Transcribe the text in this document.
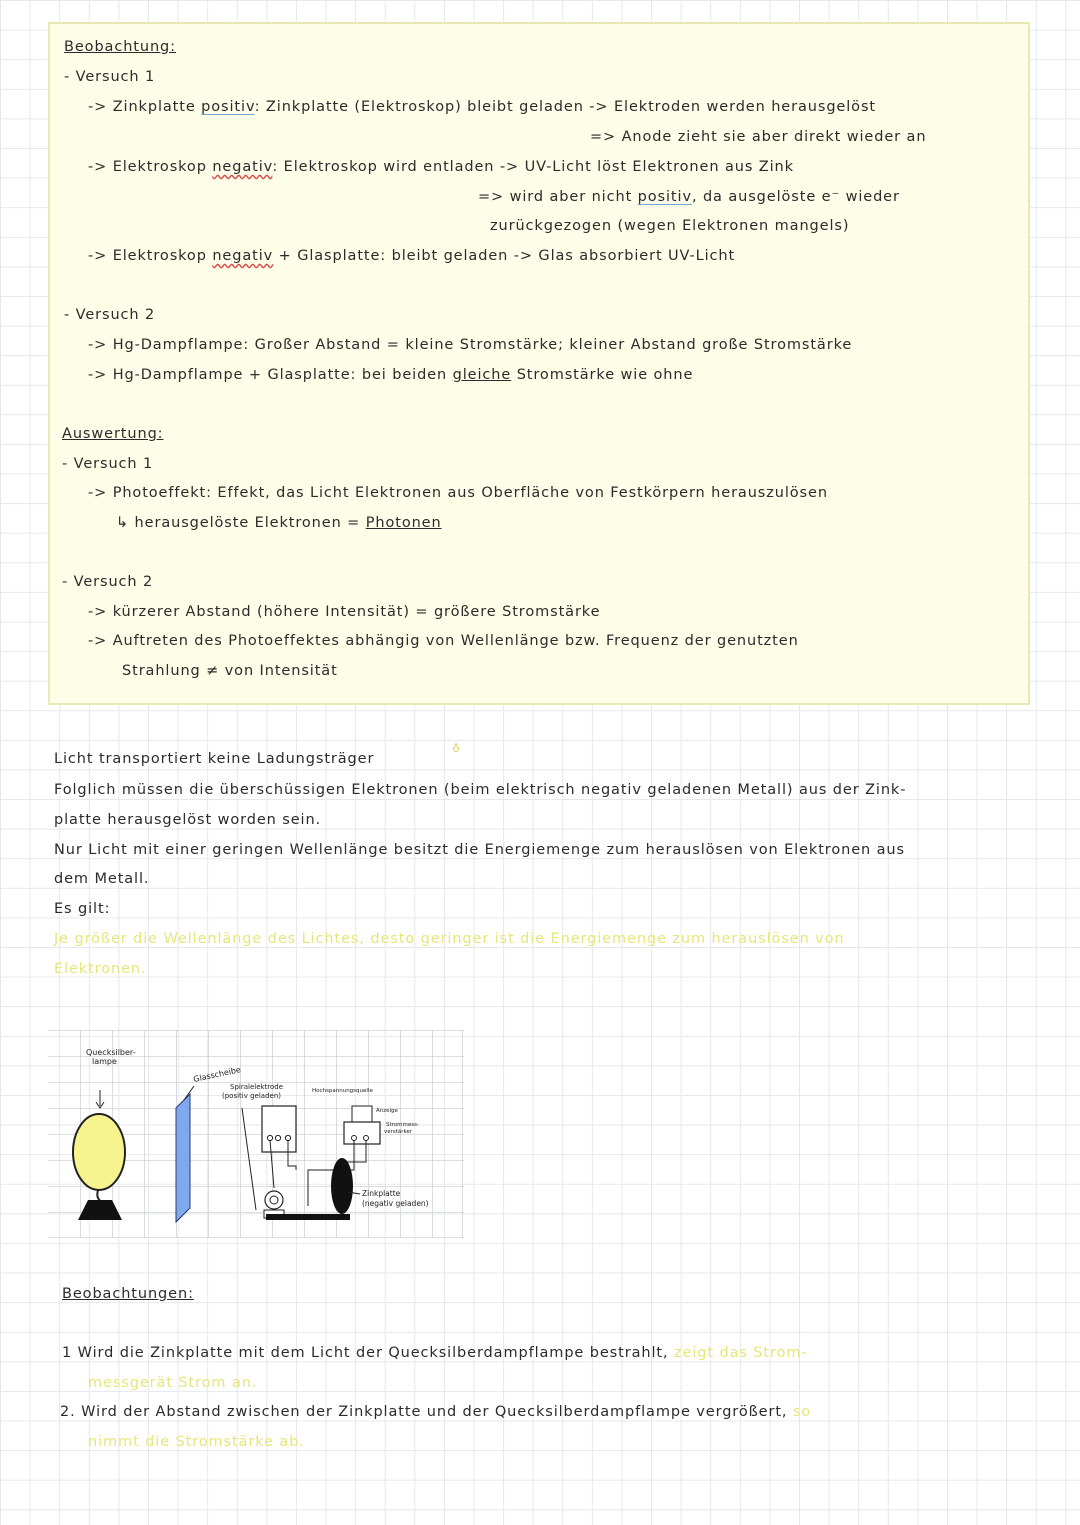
Beobachtung:
- Versuch 1
-> Zinkplatte positiv: Zinkplatte (Elektroskop) bleibt geladen -> Elektroden werden herausgelöst
=> Anode zieht sie aber direkt wieder an
-> Elektroskop negativ: Elektroskop wird entladen -> UV-Licht löst Elektronen aus Zink
=> wird aber nicht positiv, da ausgelöste e⁻ wieder
zurückgezogen (wegen Elektronen mangels)
-> Elektroskop negativ + Glasplatte: bleibt geladen -> Glas absorbiert UV-Licht
- Versuch 2
-> Hg-Dampflampe: Großer Abstand = kleine Stromstärke; kleiner Abstand große Stromstärke
-> Hg-Dampflampe + Glasplatte: bei beiden gleiche Stromstärke wie ohne
Auswertung:
- Versuch 1
-> Photoeffekt: Effekt, das Licht Elektronen aus Oberfläche von Festkörpern herauszulösen
↳ herausgelöste Elektronen = Photonen
- Versuch 2
-> kürzerer Abstand (höhere Intensität) = größere Stromstärke
-> Auftreten des Photoeffektes abhängig von Wellenlänge bzw. Frequenz der genutzten
Strahlung ≠ von Intensität
Licht transportiert keine Ladungsträger
♁
Folglich müssen die überschüssigen Elektronen (beim elektrisch negativ geladenen Metall) aus der Zink-
platte herausgelöst worden sein.
Nur Licht mit einer geringen Wellenlänge besitzt die Energiemenge zum herauslösen von Elektronen aus
dem Metall.
Es gilt:
Je größer die Wellenlänge des Lichtes, desto geringer ist die Energiemenge zum herauslösen von
Elektronen.
Quecksilber-
lampe
Glasscheibe
Spiralelektrode
(positiv geladen)
Hochspannungsquelle
Anzeige
Strommess-
verstärker
Zinkplatte
(negativ geladen)
Beobachtungen:
1 Wird die Zinkplatte mit dem Licht der Quecksilberdampflampe bestrahlt, zeigt das Strom-
messgerät Strom an.
2. Wird der Abstand zwischen der Zinkplatte und der Quecksilberdampflampe vergrößert, so
nimmt die Stromstärke ab.
